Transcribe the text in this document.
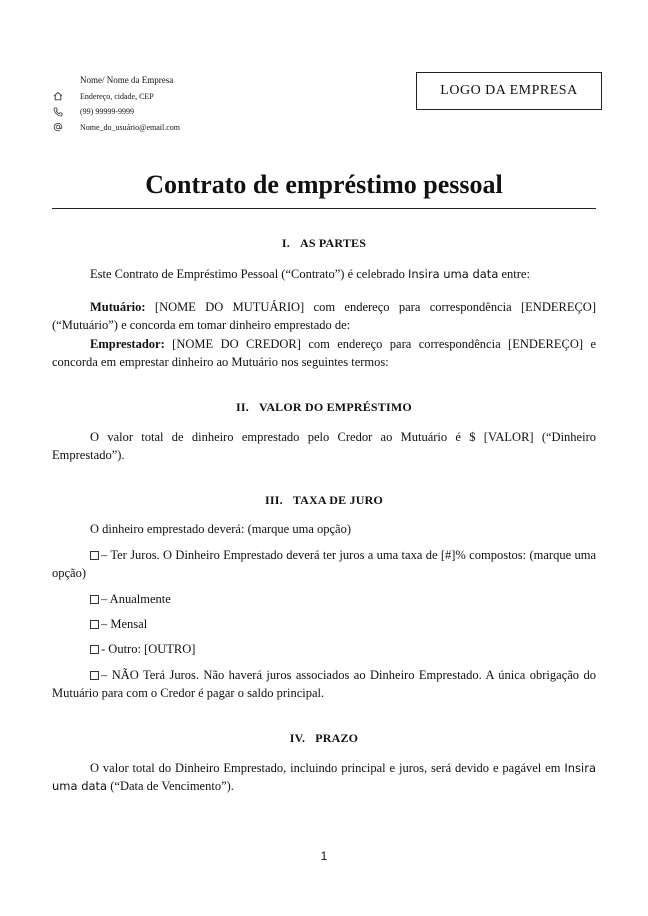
Nome/ Nome da Empresa
Endereço, cidade, CEP
(99) 99999-9999
Nome_do_usuário@email.com
LOGO DA EMPRESA
Contrato de empréstimo pessoal
I. AS PARTES

Este Contrato de Empréstimo Pessoal (“Contrato”) é celebrado Insira uma data entre:

Mutuário: [NOME DO MUTUÁRIO] com endereço para correspondência [ENDEREÇO](“Mutuário”) e concorda em tomar dinheiro emprestado de:

Emprestador: [NOME DO CREDOR] com endereço para correspondência [ENDEREÇO] e concorda em emprestar dinheiro ao Mutuário nos seguintes termos:

II. VALOR DO EMPRÉSTIMO

O valor total de dinheiro emprestado pelo Credor ao Mutuário é $ [VALOR] (“Dinheiro Emprestado”).

III. TAXA DE JURO

O dinheiro emprestado deverá: (marque uma opção)

– Ter Juros. O Dinheiro Emprestado deverá ter juros a uma taxa de [#]% compostos: (marque uma opção)

– Anualmente
– Mensal
- Outro: [OUTRO]

– NÃO Terá Juros. Não haverá juros associados ao Dinheiro Emprestado. A única obrigação do Mutuário para com o Credor é pagar o saldo principal.

IV. PRAZO

O valor total do Dinheiro Emprestado, incluindo principal e juros, será devido e pagável em Insira uma data (“Data de Vencimento”).

1
